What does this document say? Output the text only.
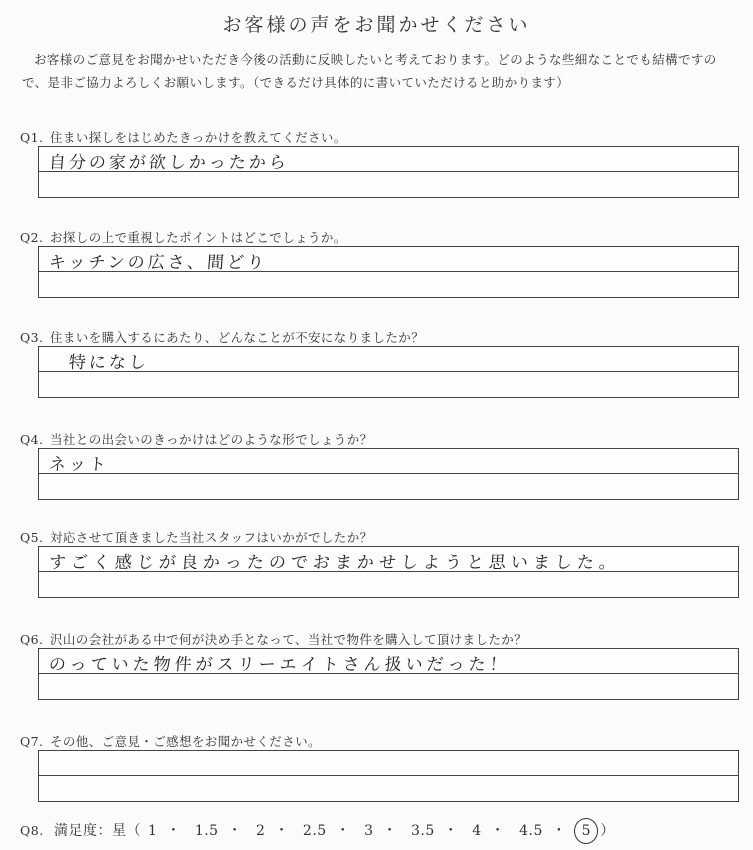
お客様の声をお聞かせください
お客様のご意見をお聞かせいただき今後の活動に反映したいと考えております。どのような些細なことでも結構ですので、是非ご協力よろしくお願いします。（できるだけ具体的に書いていただけると助かります）
Q1. 住まい探しをはじめたきっかけを教えてください。
自分の家が欲しかったから
Q2. お探しの上で重視したポイントはどこでしょうか。
キッチンの広さ、間どり
Q3. 住まいを購入するにあたり、どんなことが不安になりましたか？
特になし
Q4. 当社との出会いのきっかけはどのような形でしょうか？
ネット
Q5. 対応させて頂きました当社スタッフはいかがでしたか？
すごく感じが良かったのでおまかせしようと思いました。
Q6. 沢山の会社がある中で何が決め手となって、当社で物件を購入して頂けましたか？
のっていた物件がスリーエイトさん扱いだった！
Q7. その他、ご意見・ご感想をお聞かせください。
Q8. 満足度：星（ 1 ・ 1.5 ・ 2 ・ 2.5 ・ 3 ・ 3.5 ・ 4 ・ 4.5 ・ 5 ）
